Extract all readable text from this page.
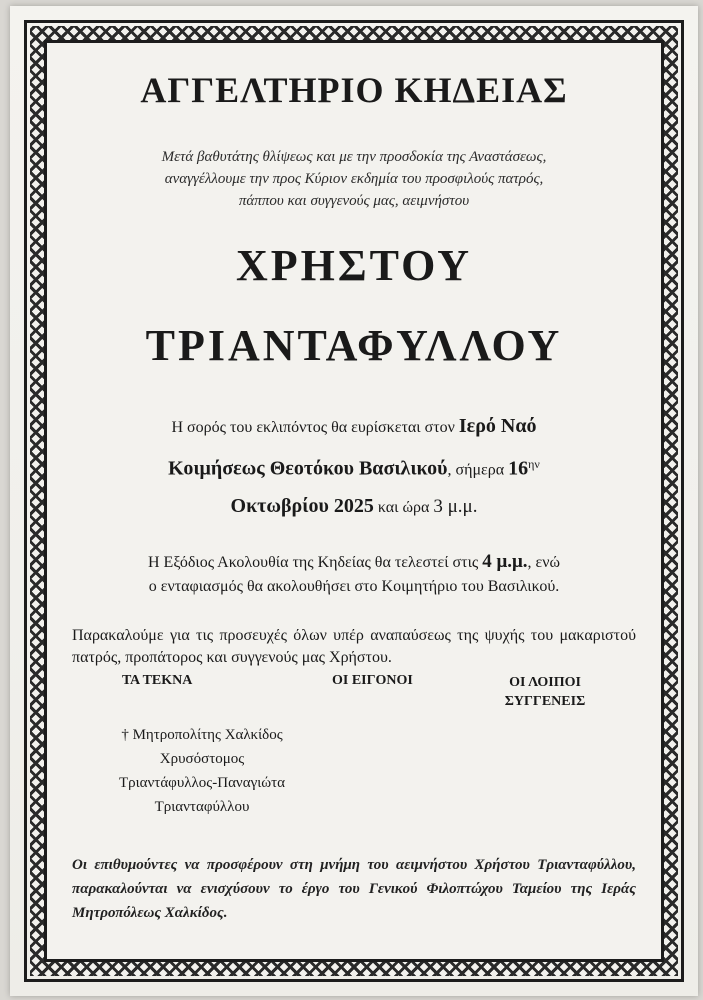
ΑΓΓΕΛΤΗΡΙΟ ΚΗΔΕΙΑΣ
Μετά βαθυτάτης θλίψεως και με την προσδοκία της Αναστάσεως,
αναγγέλλουμε την προς Κύριον εκδημία του προσφιλούς πατρός,
πάππου και συγγενούς μας, αειμνήστου
ΧΡΗΣΤΟΥ
ΤΡΙΑΝΤΑΦΥΛΛΟΥ
Η σορός του εκλιπόντος θα ευρίσκεται στον Ιερό Ναό
Κοιμήσεως Θεοτόκου Βασιλικού, σήμερα $16^{\eta\nu}$
Οκτωβρίου 2025 και ώρα 3 μ.μ.
Η Εξόδιος Ακολουθία της Κηδείας θα τελεστεί στις 4 μ.μ., ενώ
ο ενταφιασμός θα ακολουθήσει στο Κοιμητήριο του Βασιλικού.
Παρακαλούμε για τις προσευχές όλων υπέρ αναπαύσεως της ψυχής του μακαριστού πατρός, προπάτορος και συγγενούς μας Χρήστου.
ΤΑ ΤΕΚΝΑ	ΟΙ ΕΙΓΟΝΟΙ	ΟΙ ΛΟΙΠΟΙ
ΣΥΓΓΕΝΕΙΣ
† Μητροπολίτης Χαλκίδος
Χρυσόστομος
Τριαντάφυλλος-Παναγιώτα
Τριανταφύλλου
Οι επιθυμούντες να προσφέρουν στη μνήμη του αειμνήστου Χρήστου Τριανταφύλλου, παρακαλούνται να ενισχύσουν το έργο του Γενικού Φιλοπτώχου Ταμείου της Ιεράς Μητροπόλεως Χαλκίδος.
